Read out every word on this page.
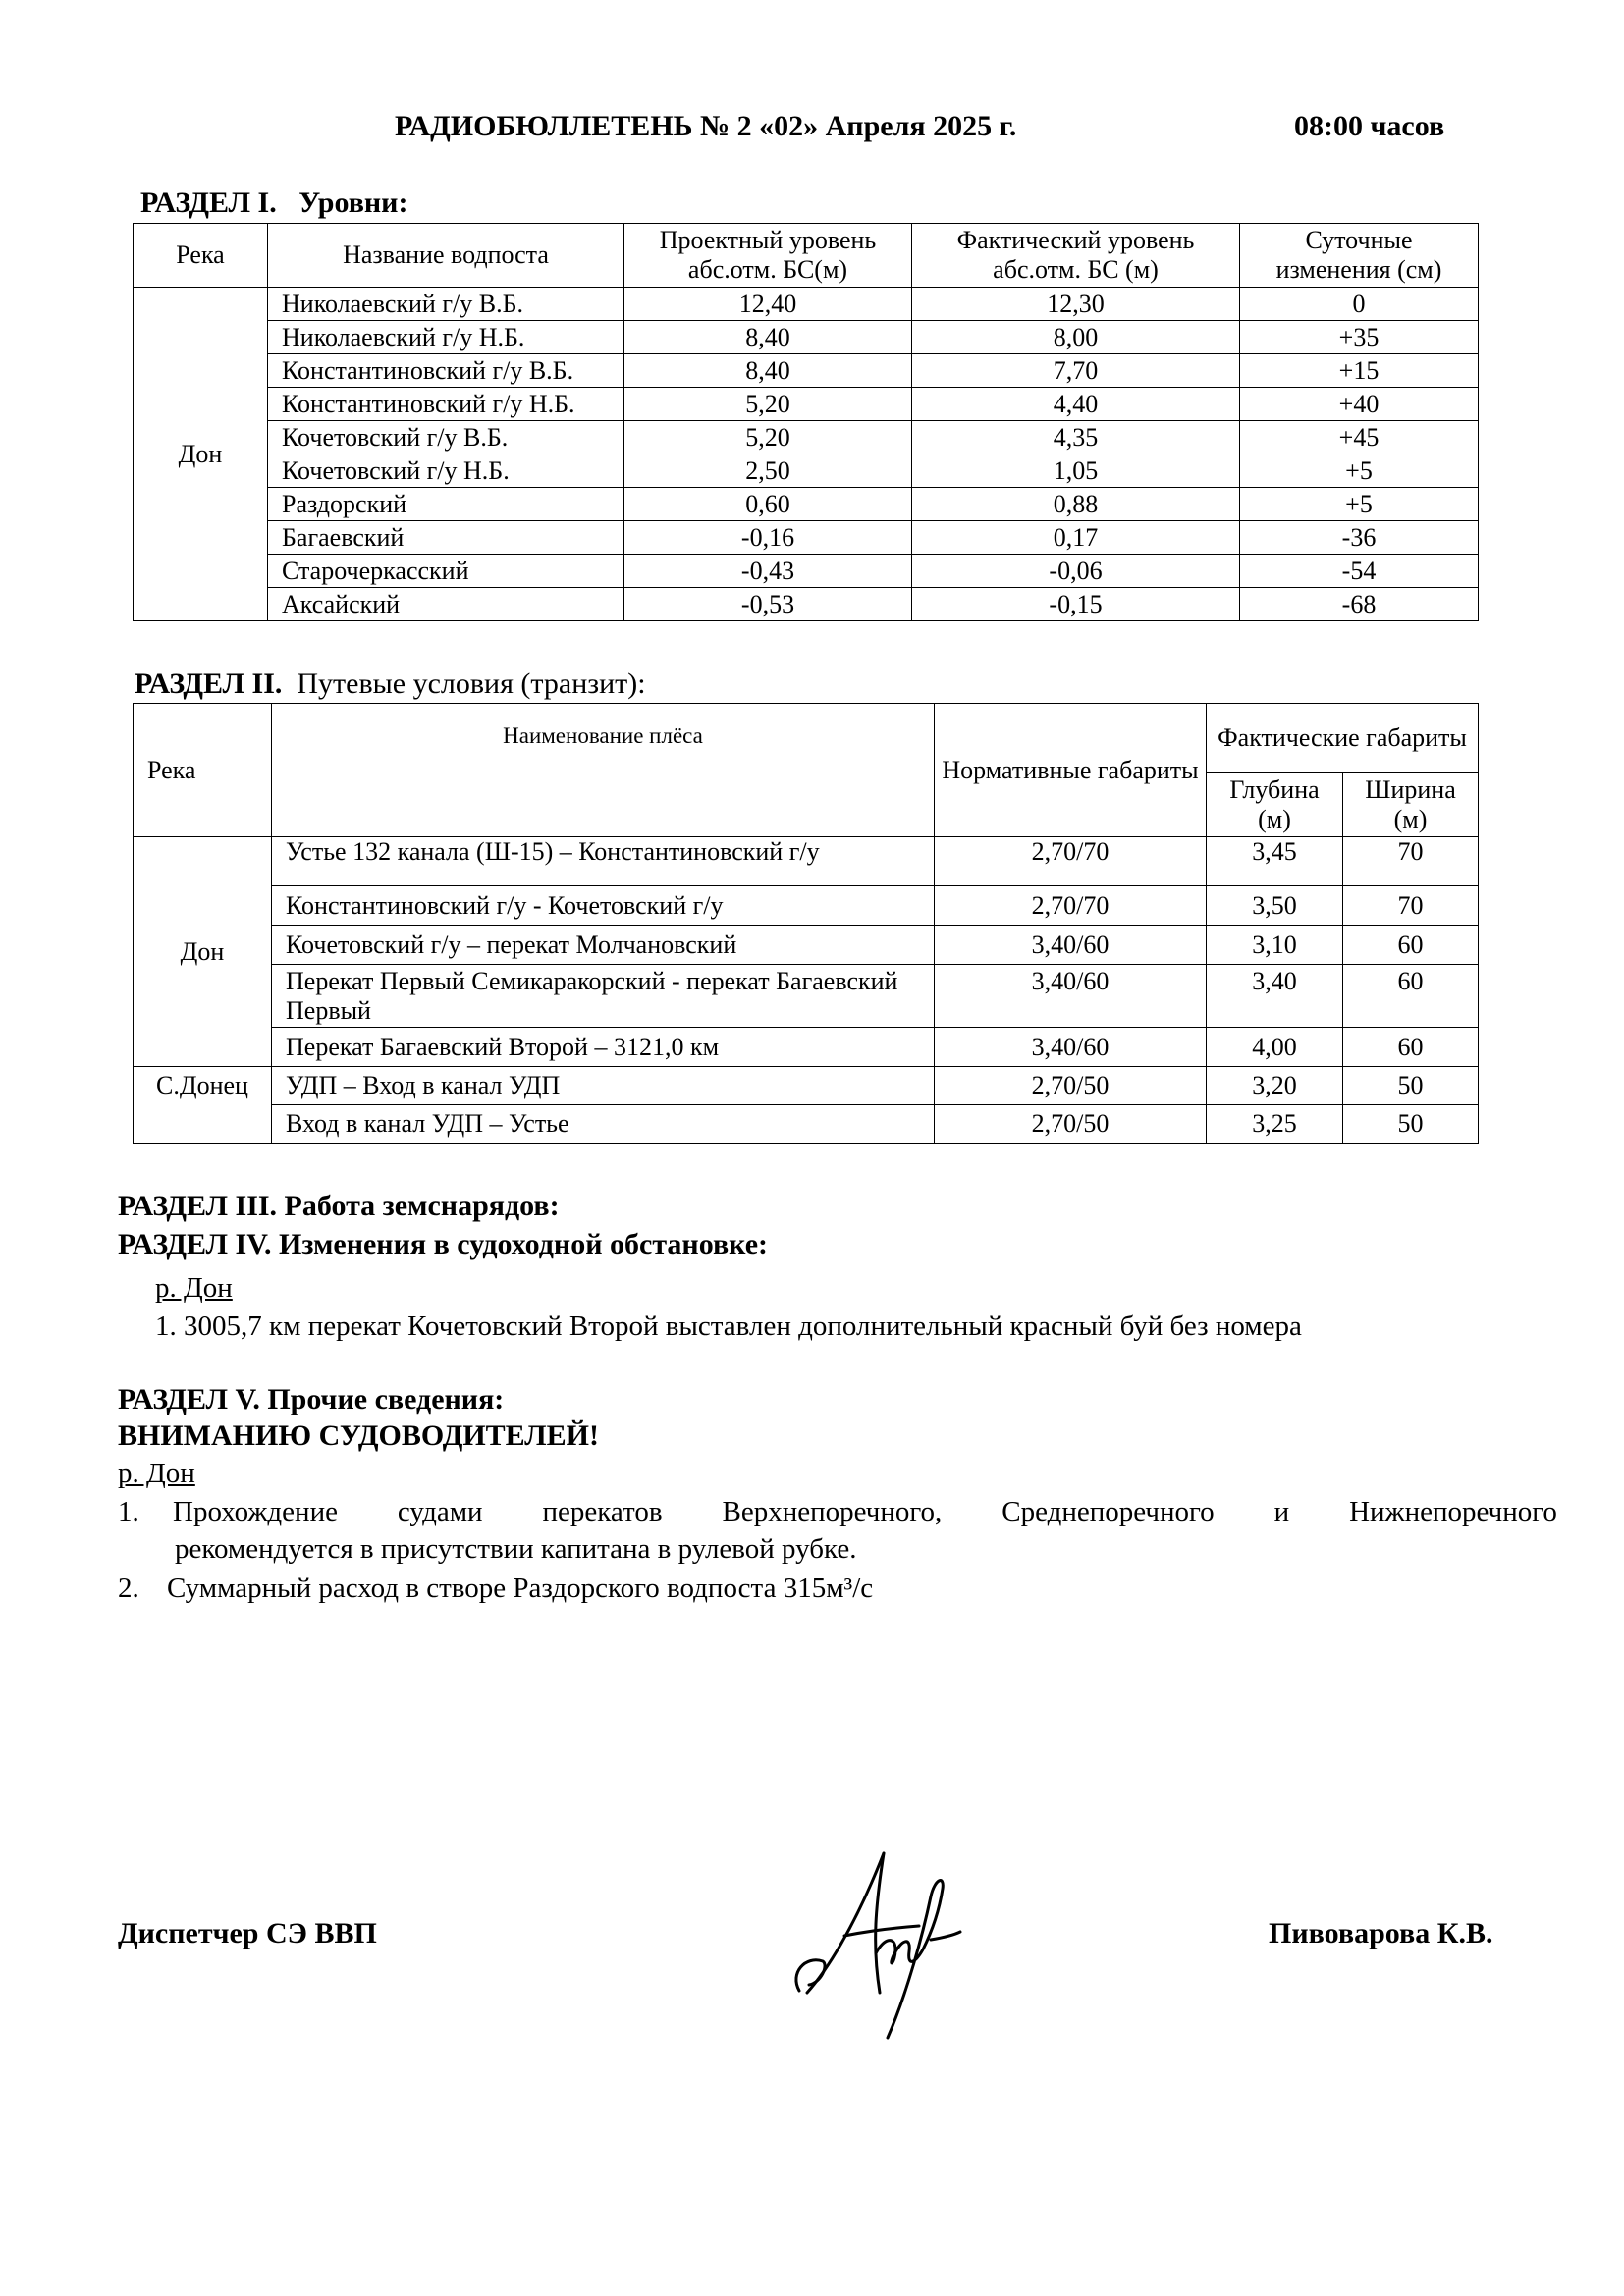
РАДИОБЮЛЛЕТЕНЬ № 2 «02» Апреля 2025 г.	08:00 часов
РАЗДЕЛ I. Уровни:
Река	Название водпоста	Проектный уровень абс.отм. БС(м)	Фактический уровень абс.отм. БС (м)	Суточные изменения (см)
Дон	Николаевский г/у В.Б.	12,40	12,30	0
	Николаевский г/у Н.Б.	8,40	8,00	+35
	Константиновский г/у В.Б.	8,40	7,70	+15
	Константиновский г/у Н.Б.	5,20	4,40	+40
	Кочетовский г/у В.Б.	5,20	4,35	+45
	Кочетовский г/у Н.Б.	2,50	1,05	+5
	Раздорский	0,60	0,88	+5
	Багаевский	-0,16	0,17	-36
	Старочеркасский	-0,43	-0,06	-54
	Аксайский	-0,53	-0,15	-68
РАЗДЕЛ II. Путевые условия (транзит):
Река	Наименование плёса	Нормативные габариты	Фактические габариты	
			Глубина (м)	Ширина (м)
Дон	Устье 132 канала (Ш-15) – Константиновский г/у	2,70/70	3,45	70
	Константиновский г/у - Кочетовский г/у	2,70/70	3,50	70
	Кочетовский г/у – перекат Молчановский	3,40/60	3,10	60
	Перекат Первый Семикаракорский - перекат Багаевский Первый	3,40/60	3,40	60
	Перекат Багаевский Второй – 3121,0 км	3,40/60	4,00	60
С.Донец	УДП – Вход в канал УДП	2,70/50	3,20	50
	Вход в канал УДП – Устье	2,70/50	3,25	50
РАЗДЕЛ III. Работа земснарядов:
РАЗДЕЛ IV. Изменения в судоходной обстановке:
р. Дон
1. 3005,7 км перекат Кочетовский Второй выставлен дополнительный красный буй без номера
РАЗДЕЛ V. Прочие сведения:
ВНИМАНИЮ СУДОВОДИТЕЛЕЙ!
р. Дон
1. Прохождение судами перекатов Верхнепоречного, Среднепоречного и Нижнепоречного
рекомендуется в присутствии капитана в рулевой рубке.
2. Суммарный расход в створе Раздорского водпоста 315м³/с
Диспетчер СЭ ВВП	Пивоварова К.В.
